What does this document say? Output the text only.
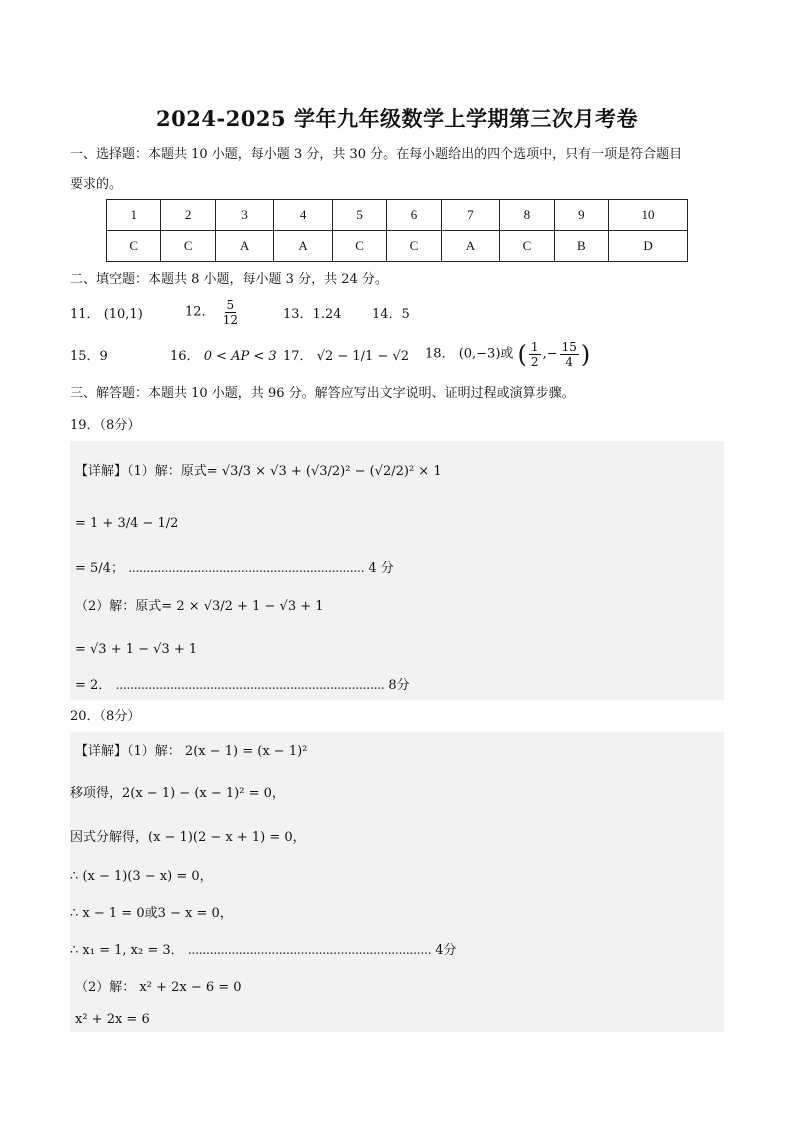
2024-2025 学年九年级数学上学期第三次月考卷
一、选择题：本题共 10 小题，每小题 3 分，共 30 分。在每小题给出的四个选项中，只有一项是符合题目
要求的。
1	2	3	4	5	6	7	8	9	10
C	C	A	A	C	C	A	C	B	D
二、填空题：本题共 8 小题，每小题 3 分，共 24 分。
11． (10,1)	12． $\frac{5}{12}$	13．1.24 14．5
15．9	16． 0 < AP < 3 17． √2 − 1/1 − √2 18． (0,−3)或 ( $\frac{1}{2}$ ,− $\frac{15}{4}$ )
三、解答题：本题共 10 小题，共 96 分。解答应写出文字说明、证明过程或演算步骤。
19．（8分）
【详解】（1）解：原式= √3/3 × √3 + (√3/2)² − (√2/2)² × 1
= 1 + 3/4 − 1/2
= 5/4； ................................................................. 4 分
（2）解：原式= 2 × √3/2 + 1 − √3 + 1
= √3 + 1 − √3 + 1
= 2． .......................................................................... 8分
20．（8分）
【详解】（1）解： 2(x − 1) = (x − 1)²
移项得，2(x − 1) − (x − 1)² = 0，
因式分解得，(x − 1)(2 − x + 1) = 0，
∴ (x − 1)(3 − x) = 0，
∴ x − 1 = 0或3 − x = 0，
∴ x₁ = 1, x₂ = 3． ................................................................... 4分
（2）解： x² + 2x − 6 = 0
x² + 2x = 6
